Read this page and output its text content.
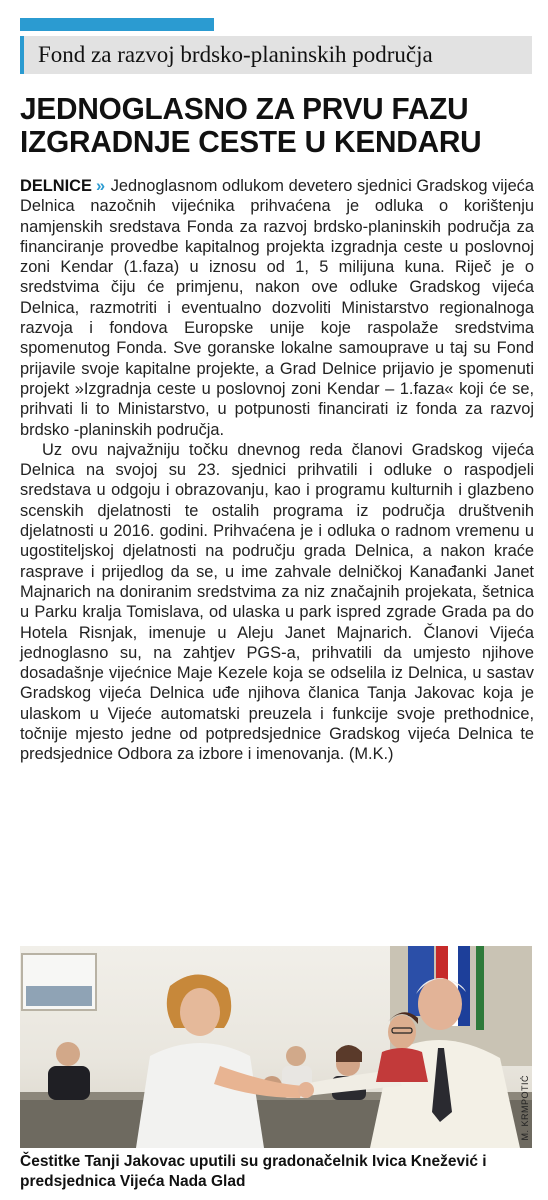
Fond za razvoj brdsko-planinskih područja
JEDNOGLASNO ZA PRVU FAZU
IZGRADNJE CESTE U KENDARU

DELNICE » Jednoglasnom odlukom devetero sjednici Gradskog vijeća Delnica nazočnih vijećnika prihvaćena je odluka o korištenju namjenskih sredstava Fonda za razvoj brdsko-planinskih područja za financiranje provedbe kapitalnog projekta izgradnja ceste u poslovnoj zoni Kendar (1.faza) u iznosu od 1, 5 milijuna kuna. Riječ je o sredstvima čiju će primjenu, nakon ove odluke Gradskog vijeća Delnica, razmotriti i eventualno dozvoliti Ministarstvo regionalnoga razvoja i fondova Europske unije koje raspolaže sredstvima spomenutog Fonda. Sve goranske lokalne samouprave u taj su Fond prijavile svoje kapitalne projekte, a Grad Delnice prijavio je spomenuti projekt »Izgradnja ceste u poslovnoj zoni Kendar – 1.faza« koji će se, prihvati li to Ministarstvo, u potpunosti financirati iz fonda za razvoj brdsko -planinskih područja.

Uz ovu najvažniju točku dnevnog reda članovi Gradskog vijeća Delnica na svojoj su 23. sjednici prihvatili i odluke o raspodjeli sredstava u odgoju i obrazovanju, kao i programu kulturnih i glazbeno scenskih djelatnosti te ostalih programa iz područja društvenih djelatnosti u 2016. godini. Prihvaćena je i odluka o radnom vremenu u ugostiteljskoj djelatnosti na području grada Delnica, a nakon kraće rasprave i prijedlog da se, u ime zahvale delničkoj Kanađanki Janet Majnarich na doniranim sredstvima za niz značajnih projekata, šetnica u Parku kralja Tomislava, od ulaska u park ispred zgrade Grada pa do Hotela Risnjak, imenuje u Aleju Janet Majnarich. Članovi Vijeća jednoglasno su, na zahtjev PGS-a, prihvatili da umjesto njihove dosadašnje vijećnice Maje Kezele koja se odselila iz Delnica, u sastav Gradskog vijeća Delnica uđe njihova članica Tanja Jakovac koja je ulaskom u Vijeće automatski preuzela i funkcije svoje prethodnice, točnije mjesto jedne od potpredsjednice Gradskog vijeća Delnica te predsjednice Odbora za izbore i imenovanja. (M.K.)

M. KRMPOTIĆ
Čestitke Tanji Jakovac uputili su gradonačelnik Ivica Knežević i predsjednica Vijeća Nada Glad
